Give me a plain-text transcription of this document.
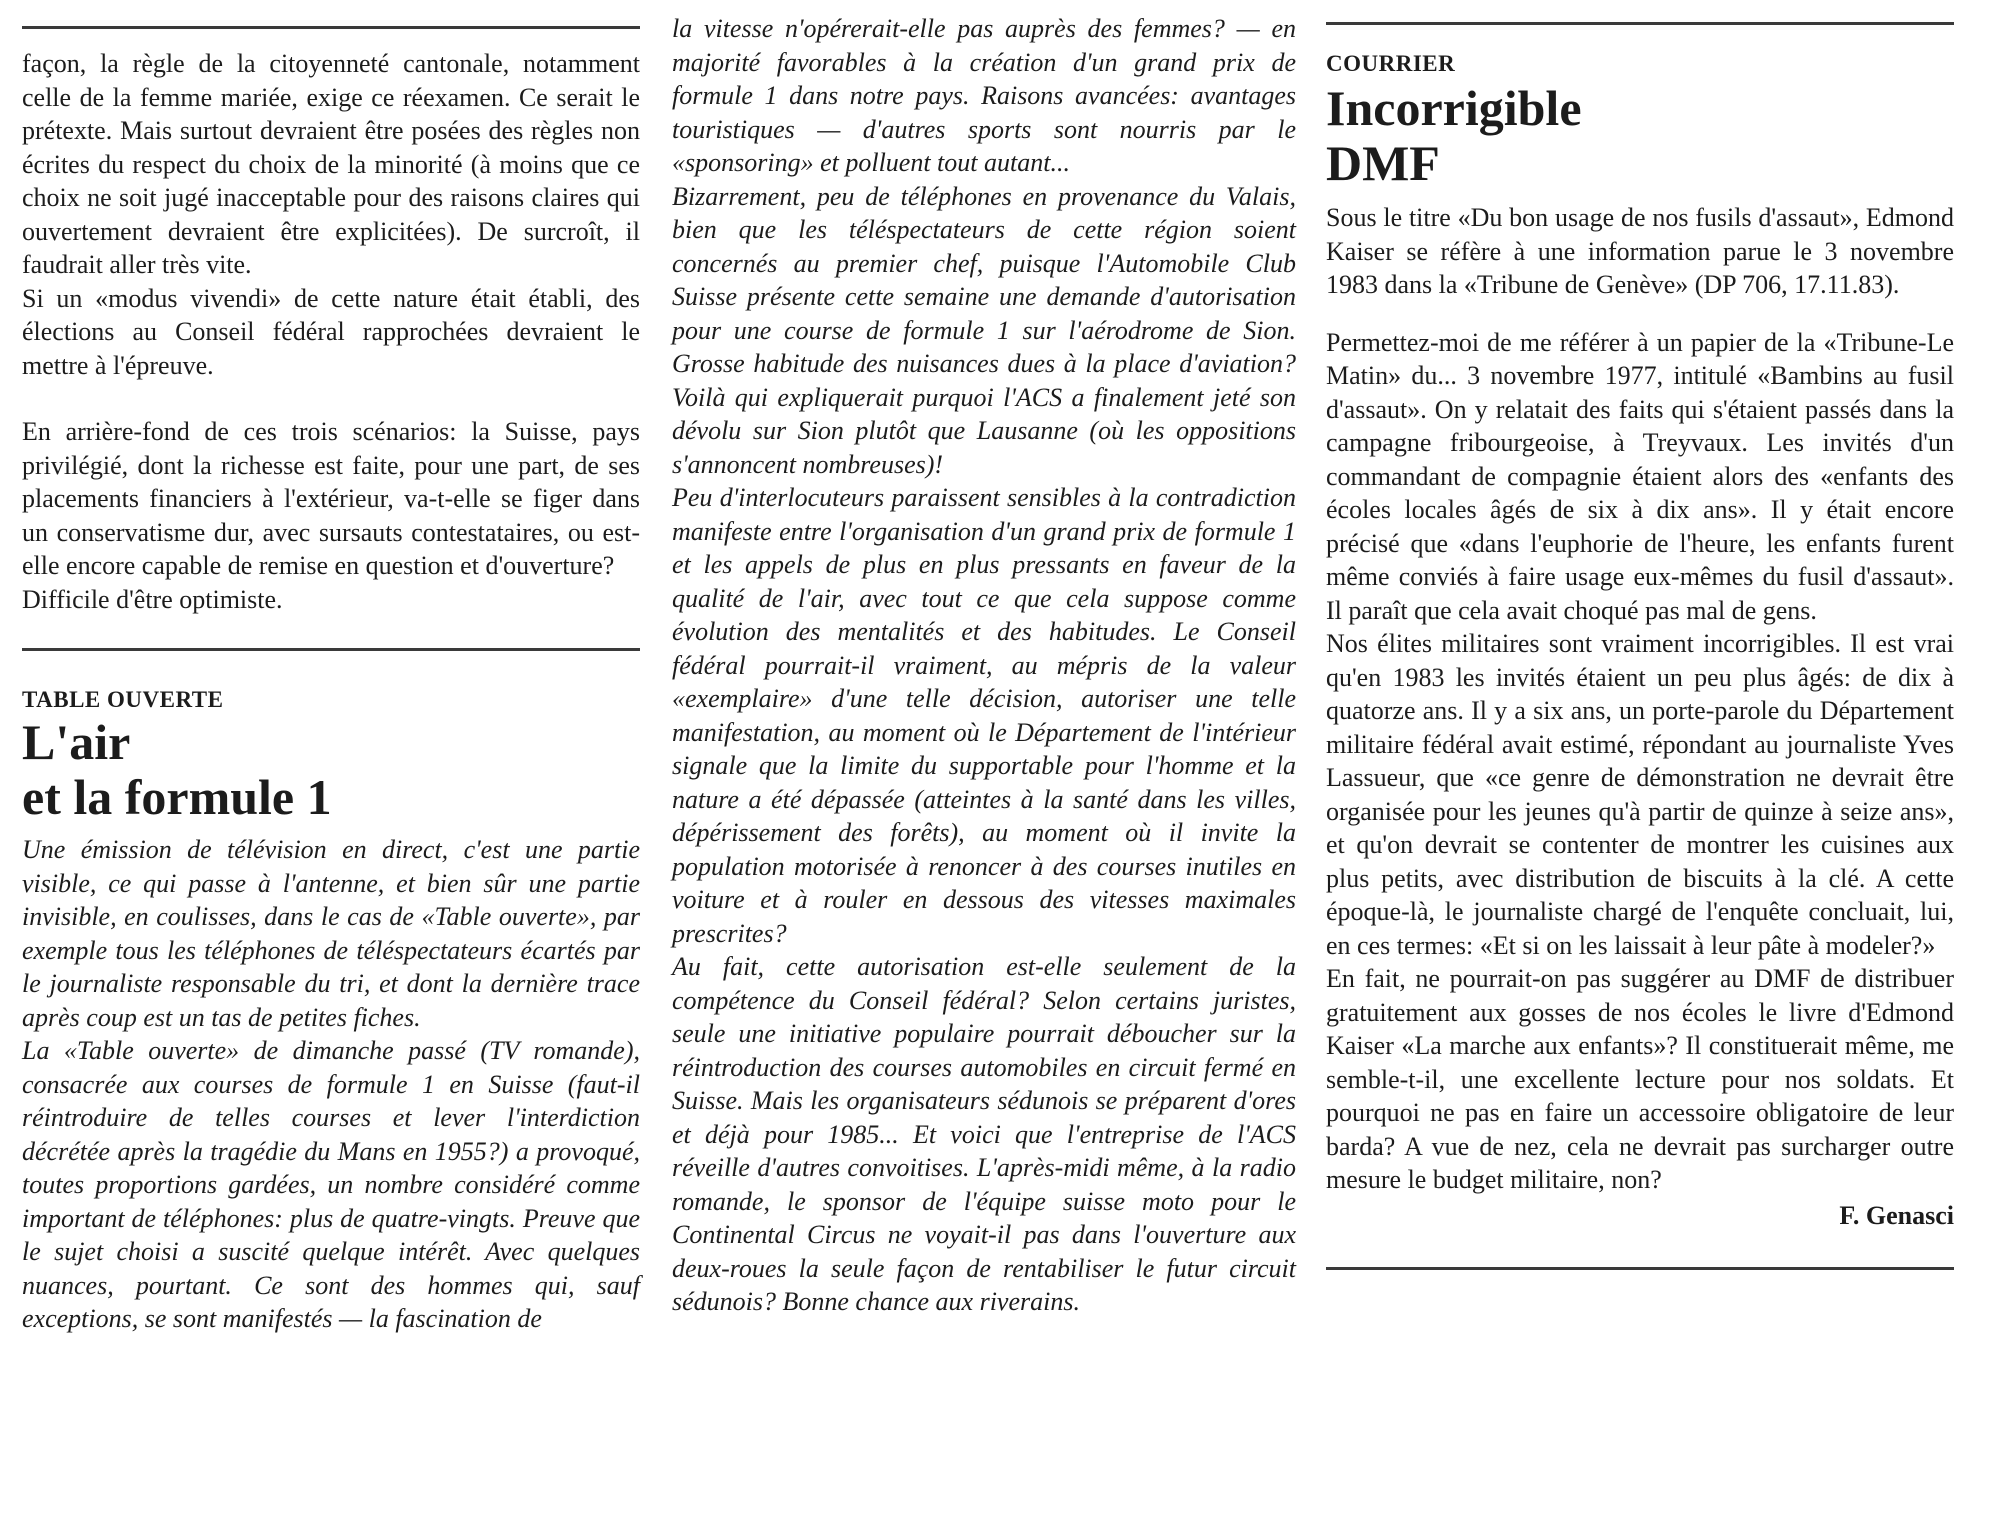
façon, la règle de la citoyenneté cantonale, notamment celle de la femme mariée, exige ce réexamen. Ce serait le prétexte. Mais surtout devraient être posées des règles non écrites du respect du choix de la minorité (à moins que ce choix ne soit jugé inacceptable pour des raisons claires qui ouvertement devraient être explicitées). De surcroît, il faudrait aller très vite.

Si un «modus vivendi» de cette nature était établi, des élections au Conseil fédéral rapprochées devraient le mettre à l'épreuve.

En arrière-fond de ces trois scénarios: la Suisse, pays privilégié, dont la richesse est faite, pour une part, de ses placements financiers à l'extérieur, va-t-elle se figer dans un conservatisme dur, avec sursauts contestataires, ou est-elle encore capable de remise en question et d'ouverture?

Difficile d'être optimiste.

TABLE OUVERTE

L'air
et la formule 1

Une émission de télévision en direct, c'est une partie visible, ce qui passe à l'antenne, et bien sûr une partie invisible, en coulisses, dans le cas de «Table ouverte», par exemple tous les téléphones de téléspectateurs écartés par le journaliste responsable du tri, et dont la dernière trace après coup est un tas de petites fiches.

La «Table ouverte» de dimanche passé (TV romande), consacrée aux courses de formule 1 en Suisse (faut-il réintroduire de telles courses et lever l'interdiction décrétée après la tragédie du Mans en 1955?) a provoqué, toutes proportions gardées, un nombre considéré comme important de téléphones: plus de quatre-vingts. Preuve que le sujet choisi a suscité quelque intérêt. Avec quelques nuances, pourtant. Ce sont des hommes qui, sauf exceptions, se sont manifestés — la fascination de

la vitesse n'opérerait-elle pas auprès des femmes? — en majorité favorables à la création d'un grand prix de formule 1 dans notre pays. Raisons avancées: avantages touristiques — d'autres sports sont nourris par le «sponsoring» et polluent tout autant...

Bizarrement, peu de téléphones en provenance du Valais, bien que les téléspectateurs de cette région soient concernés au premier chef, puisque l'Automobile Club Suisse présente cette semaine une demande d'autorisation pour une course de formule 1 sur l'aérodrome de Sion. Grosse habitude des nuisances dues à la place d'aviation? Voilà qui expliquerait purquoi l'ACS a finalement jeté son dévolu sur Sion plutôt que Lausanne (où les oppositions s'annoncent nombreuses)!

Peu d'interlocuteurs paraissent sensibles à la contradiction manifeste entre l'organisation d'un grand prix de formule 1 et les appels de plus en plus pressants en faveur de la qualité de l'air, avec tout ce que cela suppose comme évolution des mentalités et des habitudes. Le Conseil fédéral pourrait-il vraiment, au mépris de la valeur «exemplaire» d'une telle décision, autoriser une telle manifestation, au moment où le Département de l'intérieur signale que la limite du supportable pour l'homme et la nature a été dépassée (atteintes à la santé dans les villes, dépérissement des forêts), au moment où il invite la population motorisée à renoncer à des courses inutiles en voiture et à rouler en dessous des vitesses maximales prescrites?

Au fait, cette autorisation est-elle seulement de la compétence du Conseil fédéral? Selon certains juristes, seule une initiative populaire pourrait déboucher sur la réintroduction des courses automobiles en circuit fermé en Suisse. Mais les organisateurs sédunois se préparent d'ores et déjà pour 1985... Et voici que l'entreprise de l'ACS réveille d'autres convoitises. L'après-midi même, à la radio romande, le sponsor de l'équipe suisse moto pour le Continental Circus ne voyait-il pas dans l'ouverture aux deux-roues la seule façon de rentabiliser le futur circuit sédunois? Bonne chance aux riverains.

COURRIER

Incorrigible
DMF

Sous le titre «Du bon usage de nos fusils d'assaut», Edmond Kaiser se réfère à une information parue le 3 novembre 1983 dans la «Tribune de Genève» (DP 706, 17.11.83).

Permettez-moi de me référer à un papier de la «Tribune-Le Matin» du... 3 novembre 1977, intitulé «Bambins au fusil d'assaut». On y relatait des faits qui s'étaient passés dans la campagne fribourgeoise, à Treyvaux. Les invités d'un commandant de compagnie étaient alors des «enfants des écoles locales âgés de six à dix ans». Il y était encore précisé que «dans l'euphorie de l'heure, les enfants furent même conviés à faire usage eux-mêmes du fusil d'assaut». Il paraît que cela avait choqué pas mal de gens.

Nos élites militaires sont vraiment incorrigibles. Il est vrai qu'en 1983 les invités étaient un peu plus âgés: de dix à quatorze ans. Il y a six ans, un porte-parole du Département militaire fédéral avait estimé, répondant au journaliste Yves Lassueur, que «ce genre de démonstration ne devrait être organisée pour les jeunes qu'à partir de quinze à seize ans», et qu'on devrait se contenter de montrer les cuisines aux plus petits, avec distribution de biscuits à la clé. A cette époque-là, le journaliste chargé de l'enquête concluait, lui, en ces termes: «Et si on les laissait à leur pâte à modeler?»

En fait, ne pourrait-on pas suggérer au DMF de distribuer gratuitement aux gosses de nos écoles le livre d'Edmond Kaiser «La marche aux enfants»? Il constituerait même, me semble-t-il, une excellente lecture pour nos soldats. Et pourquoi ne pas en faire un accessoire obligatoire de leur barda? A vue de nez, cela ne devrait pas surcharger outre mesure le budget militaire, non?

F. Genasci
